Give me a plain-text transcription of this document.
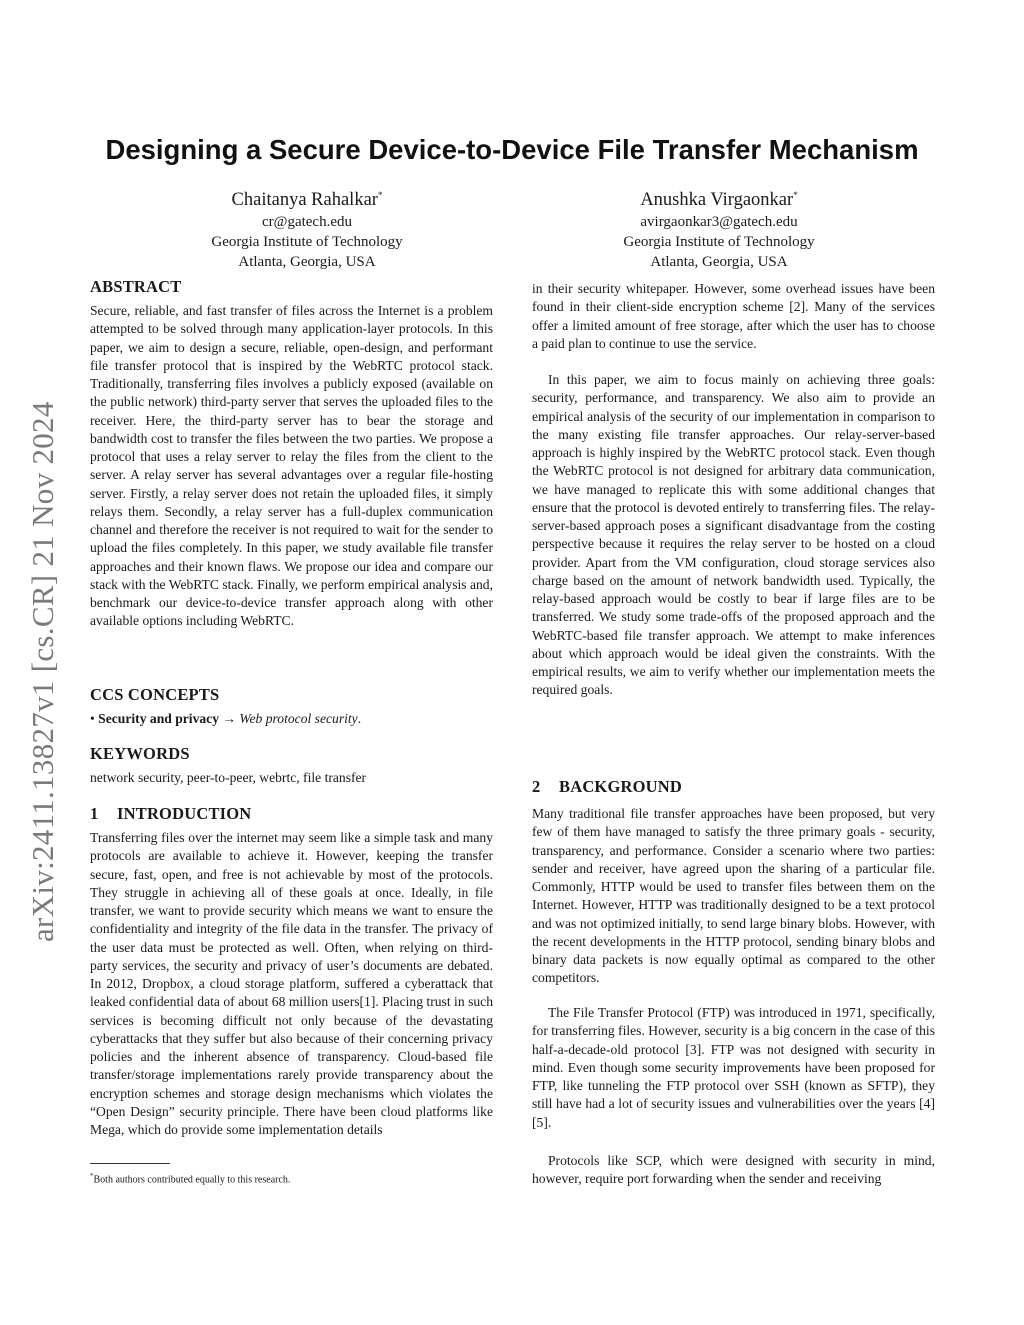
arXiv:2411.13827v1 [cs.CR] 21 Nov 2024
Designing a Secure Device-to-Device File Transfer Mechanism
Chaitanya Rahalkar*
cr@gatech.edu
Georgia Institute of Technology
Atlanta, Georgia, USA
Anushka Virgaonkar*
avirgaonkar3@gatech.edu
Georgia Institute of Technology
Atlanta, Georgia, USA
ABSTRACT

Secure, reliable, and fast transfer of files across the Internet is a problem attempted to be solved through many application-layer protocols. In this paper, we aim to design a secure, reliable, open-design, and performant file transfer protocol that is inspired by the WebRTC protocol stack. Traditionally, transferring files involves a publicly exposed (available on the public network) third-party server that serves the uploaded files to the receiver. Here, the third-party server has to bear the storage and bandwidth cost to transfer the files between the two parties. We propose a protocol that uses a relay server to relay the files from the client to the server. A relay server has several advantages over a regular file-hosting server. Firstly, a relay server does not retain the uploaded files, it simply relays them. Secondly, a relay server has a full-duplex communication channel and therefore the receiver is not required to wait for the sender to upload the files completely. In this paper, we study available file transfer approaches and their known flaws. We propose our idea and compare our stack with the WebRTC stack. Finally, we perform empirical analysis and, benchmark our device-to-device transfer approach along with other available options including WebRTC.

CCS CONCEPTS
• Security and privacy → Web protocol security.
KEYWORDS
network security, peer-to-peer, webrtc, file transfer
1 INTRODUCTION

Transferring files over the internet may seem like a simple task and many protocols are available to achieve it. However, keeping the transfer secure, fast, open, and free is not achievable by most of the protocols. They struggle in achieving all of these goals at once. Ideally, in file transfer, we want to provide security which means we want to ensure the confidentiality and integrity of the file data in the transfer. The privacy of the user data must be protected as well. Often, when relying on third-party services, the security and privacy of user’s documents are debated. In 2012, Dropbox, a cloud storage platform, suffered a cyberattack that leaked confidential data of about 68 million users[1]. Placing trust in such services is becoming difficult not only because of the devastating cyberattacks that they suffer but also because of their concerning privacy policies and the inherent absence of transparency. Cloud-based file transfer/storage implementations rarely provide transparency about the encryption schemes and storage design mechanisms which violates the “Open Design” security principle. There have been cloud platforms like Mega, which do provide some implementation details

*Both authors contributed equally to this research.

in their security whitepaper. However, some overhead issues have been found in their client-side encryption scheme [2]. Many of the services offer a limited amount of free storage, after which the user has to choose a paid plan to continue to use the service.

In this paper, we aim to focus mainly on achieving three goals: security, performance, and transparency. We also aim to provide an empirical analysis of the security of our implementation in comparison to the many existing file transfer approaches. Our relay-server-based approach is highly inspired by the WebRTC protocol stack. Even though the WebRTC protocol is not designed for arbitrary data communication, we have managed to replicate this with some additional changes that ensure that the protocol is devoted entirely to transferring files. The relay-server-based approach poses a significant disadvantage from the costing perspective because it requires the relay server to be hosted on a cloud provider. Apart from the VM configuration, cloud storage services also charge based on the amount of network bandwidth used. Typically, the relay-based approach would be costly to bear if large files are to be transferred. We study some trade-offs of the proposed approach and the WebRTC-based file transfer approach. We attempt to make inferences about which approach would be ideal given the constraints. With the empirical results, we aim to verify whether our implementation meets the required goals.

2 BACKGROUND

Many traditional file transfer approaches have been proposed, but very few of them have managed to satisfy the three primary goals - security, transparency, and performance. Consider a scenario where two parties: sender and receiver, have agreed upon the sharing of a particular file. Commonly, HTTP would be used to transfer files between them on the Internet. However, HTTP was traditionally designed to be a text protocol and was not optimized initially, to send large binary blobs. However, with the recent developments in the HTTP protocol, sending binary blobs and binary data packets is now equally optimal as compared to the other competitors.

The File Transfer Protocol (FTP) was introduced in 1971, specifically, for transferring files. However, security is a big concern in the case of this half-a-decade-old protocol [3]. FTP was not designed with security in mind. Even though some security improvements have been proposed for FTP, like tunneling the FTP protocol over SSH (known as SFTP), they still have had a lot of security issues and vulnerabilities over the years [4][5].

Protocols like SCP, which were designed with security in mind, however, require port forwarding when the sender and receiving
